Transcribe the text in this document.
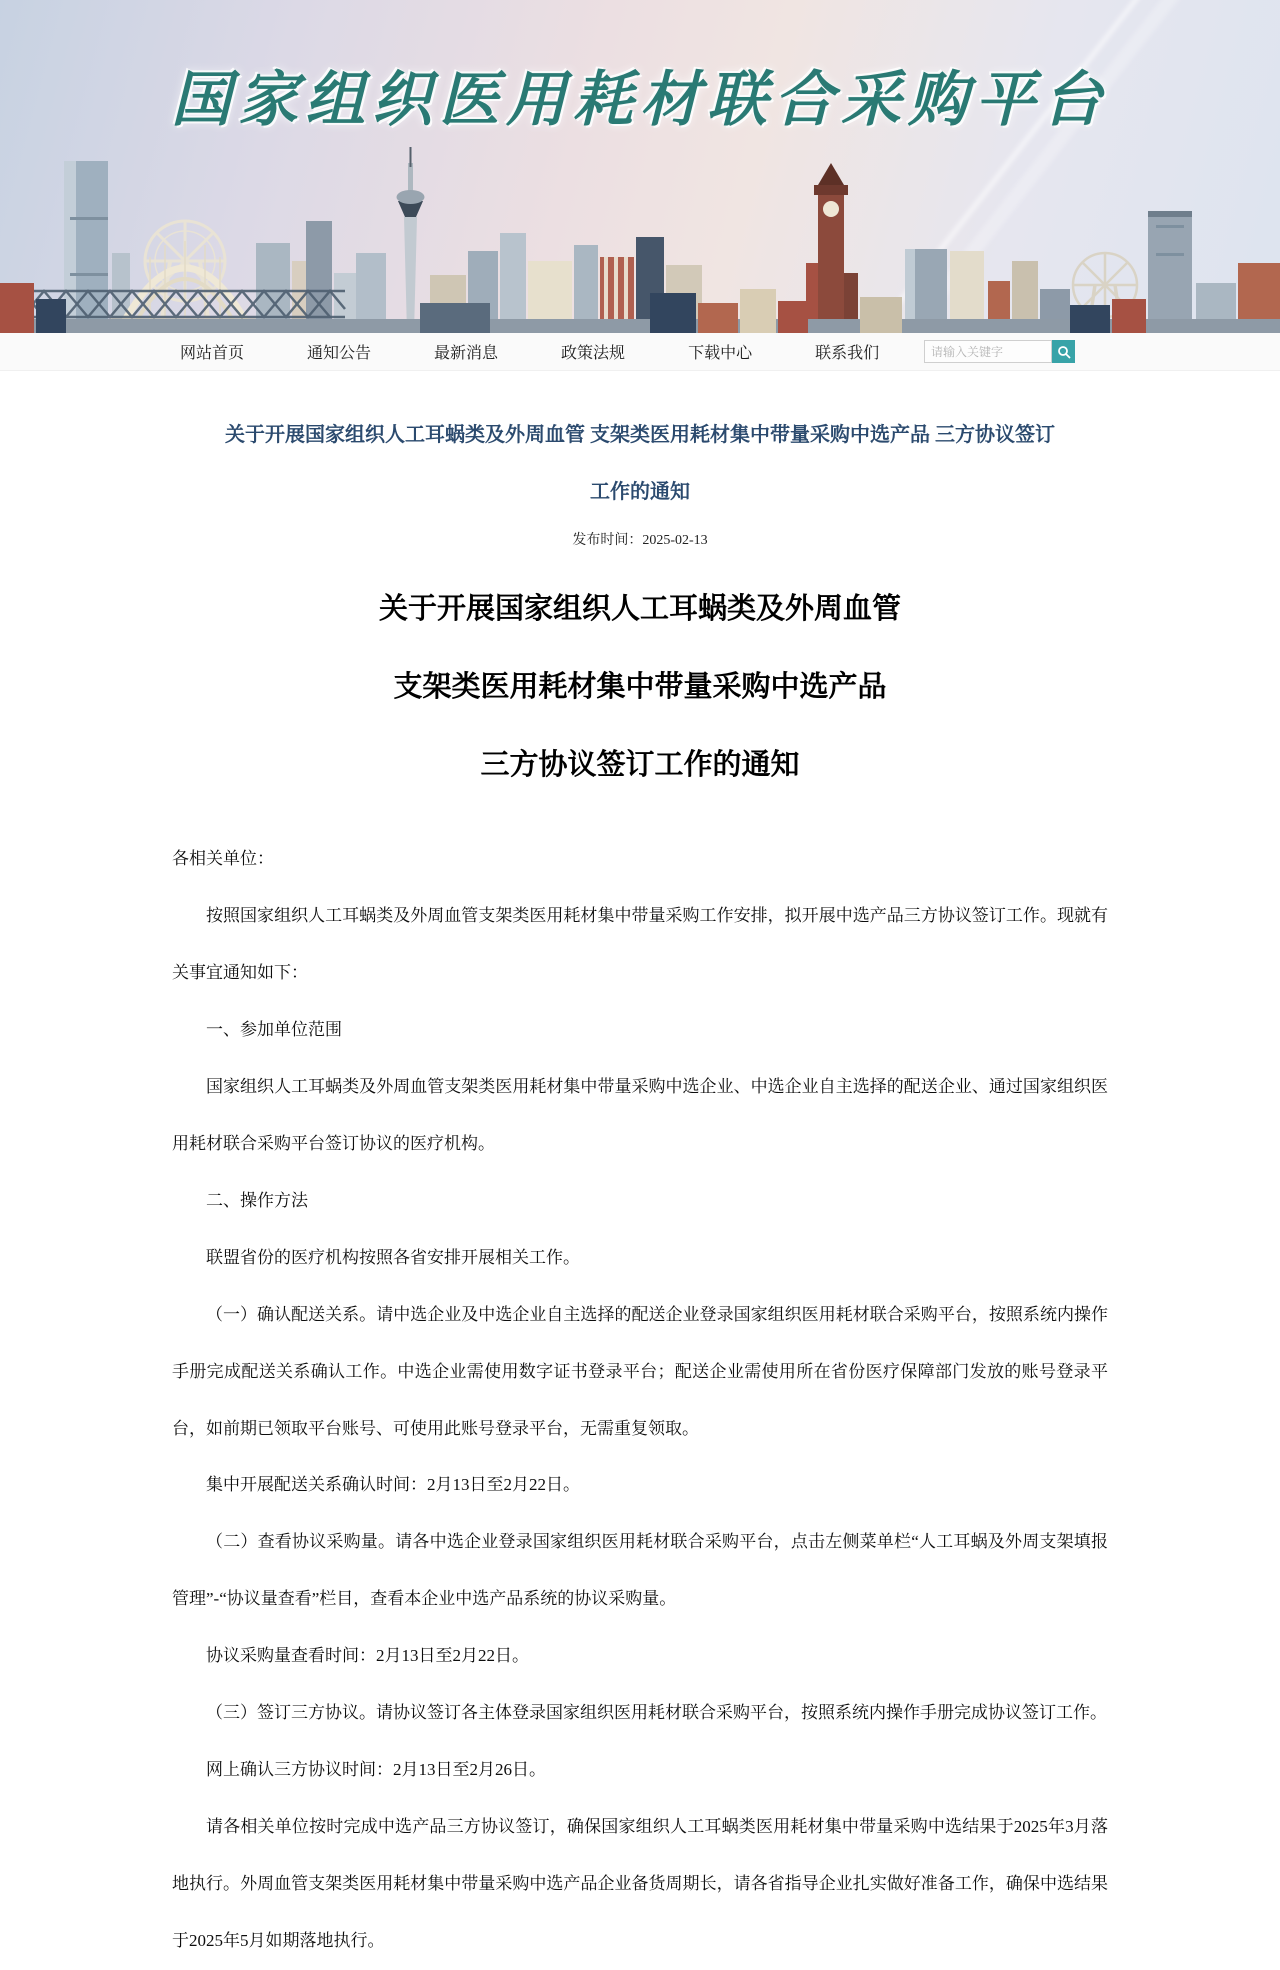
国家组织医用耗材联合采购平台
网站首页	通知公告	最新消息	政策法规	下载中心	联系我们
请输入关键字
关于开展国家组织人工耳蜗类及外周血管 支架类医用耗材集中带量采购中选产品 三方协议签订工作的通知
发布时间：2025-02-13
关于开展国家组织人工耳蜗类及外周血管
支架类医用耗材集中带量采购中选产品
三方协议签订工作的通知

各相关单位：

按照国家组织人工耳蜗类及外周血管支架类医用耗材集中带量采购工作安排，拟开展中选产品三方协议签订工作。现就有关事宜通知如下：

一、参加单位范围

国家组织人工耳蜗类及外周血管支架类医用耗材集中带量采购中选企业、中选企业自主选择的配送企业、通过国家组织医用耗材联合采购平台签订协议的医疗机构。

二、操作方法

联盟省份的医疗机构按照各省安排开展相关工作。

（一）确认配送关系。请中选企业及中选企业自主选择的配送企业登录国家组织医用耗材联合采购平台，按照系统内操作手册完成配送关系确认工作。中选企业需使用数字证书登录平台；配送企业需使用所在省份医疗保障部门发放的账号登录平台，如前期已领取平台账号、可使用此账号登录平台，无需重复领取。

集中开展配送关系确认时间：2月13日至2月22日。

（二）查看协议采购量。请各中选企业登录国家组织医用耗材联合采购平台，点击左侧菜单栏“人工耳蜗及外周支架填报管理”-“协议量查看”栏目，查看本企业中选产品系统的协议采购量。

协议采购量查看时间：2月13日至2月22日。

（三）签订三方协议。请协议签订各主体登录国家组织医用耗材联合采购平台，按照系统内操作手册完成协议签订工作。

网上确认三方协议时间：2月13日至2月26日。

请各相关单位按时完成中选产品三方协议签订，确保国家组织人工耳蜗类医用耗材集中带量采购中选结果于2025年3月落地执行。外周血管支架类医用耗材集中带量采购中选产品企业备货周期长，请各省指导企业扎实做好准备工作，确保中选结果于2025年5月如期落地执行。
